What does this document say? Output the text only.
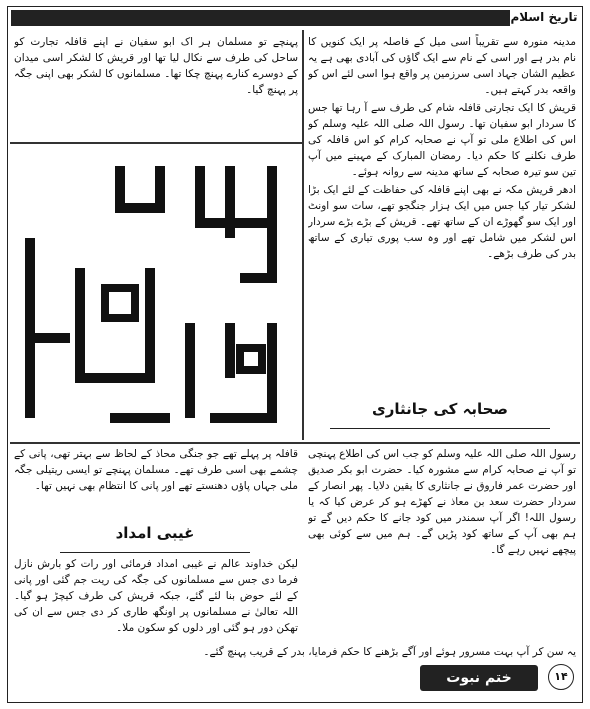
تاریخ اسلام

پہنچے تو مسلمان ہر اک ابو سفیان نے اپنے قافلہ تجارت کو ساحل کی طرف سے نکال لیا تھا اور قریش کا لشکر اسی میدان کے دوسرے کنارے پہنچ چکا تھا۔ مسلمانوں کا لشکر بھی اپنی جگہ پر پہنچ گیا۔

مدینہ منورہ سے تقریباً اسی میل کے فاصلہ پر ایک کنویں کا نام بدر ہے اور اسی کے نام سے ایک گاؤں کی آبادی بھی ہے یہ عظیم الشان جہاد اسی سرزمین پر واقع ہوا اسی لئے اس کو واقعہ بدر کہتے ہیں۔

قریش کا ایک تجارتی قافلہ شام کی طرف سے آ رہا تھا جس کا سردار ابو سفیان تھا۔ رسول اللہ صلی اللہ علیہ وسلم کو اس کی اطلاع ملی تو آپ نے صحابہ کرام کو اس قافلہ کی طرف نکلنے کا حکم دیا۔ رمضان المبارک کے مہینے میں آپ تین سو تیرہ صحابہ کے ساتھ مدینہ سے روانہ ہوئے۔

ادھر قریش مکہ نے بھی اپنے قافلہ کی حفاظت کے لئے ایک بڑا لشکر تیار کیا جس میں ایک ہزار جنگجو تھے، سات سو اونٹ اور ایک سو گھوڑے ان کے ساتھ تھے۔ قریش کے بڑے بڑے سردار اس لشکر میں شامل تھے اور وہ سب پوری تیاری کے ساتھ بدر کی طرف بڑھے۔

صحابہ کی جانثاری

رسول اللہ صلی اللہ علیہ وسلم کو جب اس کی اطلاع پہنچی تو آپ نے صحابہ کرام سے مشورہ کیا۔ حضرت ابو بکر صدیق اور حضرت عمر فاروق نے جانثاری کا یقین دلایا۔ پھر انصار کے سردار حضرت سعد بن معاذ نے کھڑے ہو کر عرض کیا کہ یا رسول اللہ! اگر آپ سمندر میں کود جانے کا حکم دیں گے تو ہم بھی آپ کے ساتھ کود پڑیں گے۔ ہم میں سے کوئی بھی پیچھے نہیں رہے گا۔

قافلہ پر پہلے تھے جو جنگی محاذ کے لحاظ سے بہتر تھی، پانی کے چشمے بھی اسی طرف تھے۔ مسلمان پہنچے تو ایسی ریتیلی جگہ ملی جہاں پاؤں دھنستے تھے اور پانی کا انتظام بھی نہیں تھا۔

غیبی امداد

لیکن خداوند عالم نے غیبی امداد فرمائی اور رات کو بارش نازل فرما دی جس سے مسلمانوں کی جگہ کی ریت جم گئی اور پانی کے لئے حوض بنا لئے گئے، جبکہ قریش کی طرف کیچڑ ہو گیا۔ اللہ تعالیٰ نے مسلمانوں پر اونگھ طاری کر دی جس سے ان کی تھکن دور ہو گئی اور دلوں کو سکون ملا۔

یہ سن کر آپ بہت مسرور ہوئے اور آگے بڑھنے کا حکم فرمایا، بدر کے قریب پہنچ گئے۔

ختم نبوت	۱۴
